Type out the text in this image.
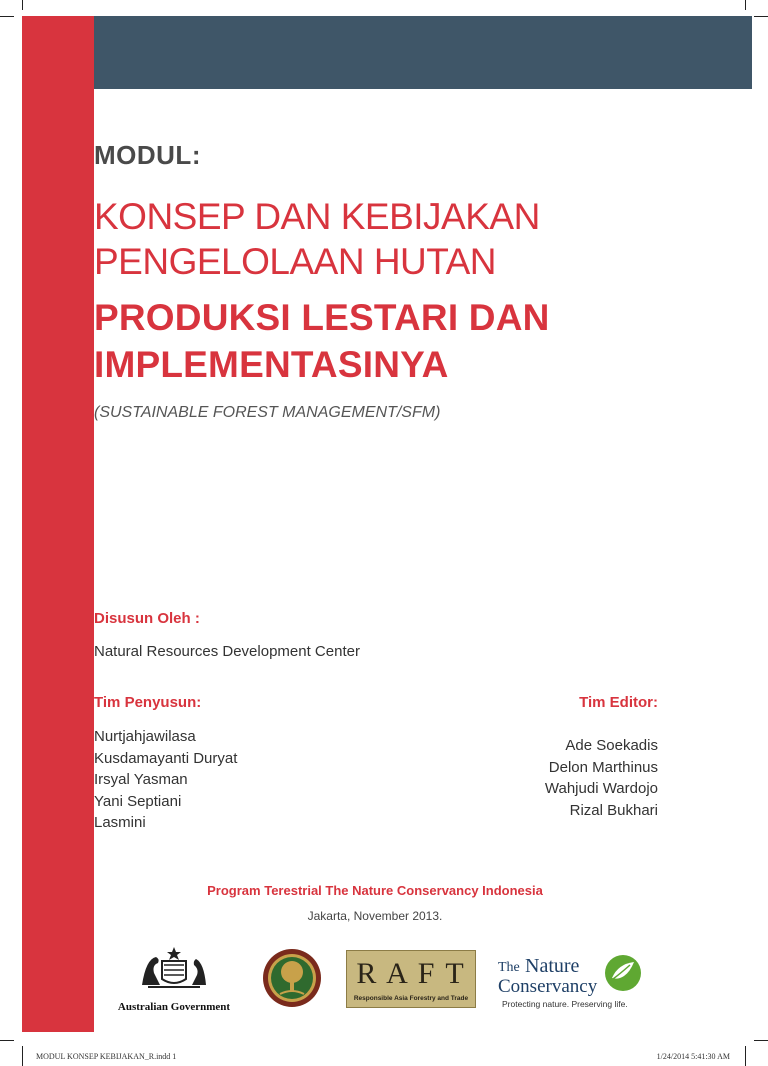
MODUL:
KONSEP DAN KEBIJAKAN
PENGELOLAAN HUTAN
PRODUKSI LESTARI DAN
IMPLEMENTASINYA
(SUSTAINABLE FOREST MANAGEMENT/SFM)
Disusun Oleh :
Natural Resources Development Center
Tim Penyusun:
Nurtjahjawilasa
Kusdamayanti Duryat
Irsyal Yasman
Yani Septiani
Lasmini
Tim Editor:
Ade Soekadis
Delon Marthinus
Wahjudi Wardojo
Rizal Bukhari
Program Terestrial The Nature Conservancy Indonesia
Jakarta, November 2013.
Australian Government
R A F T
Responsible Asia Forestry and Trade
The Nature
Conservancy
Protecting nature. Preserving life.
MODUL KONSEP KEBIJAKAN_R.indd 1	1/24/2014 5:41:30 AM
